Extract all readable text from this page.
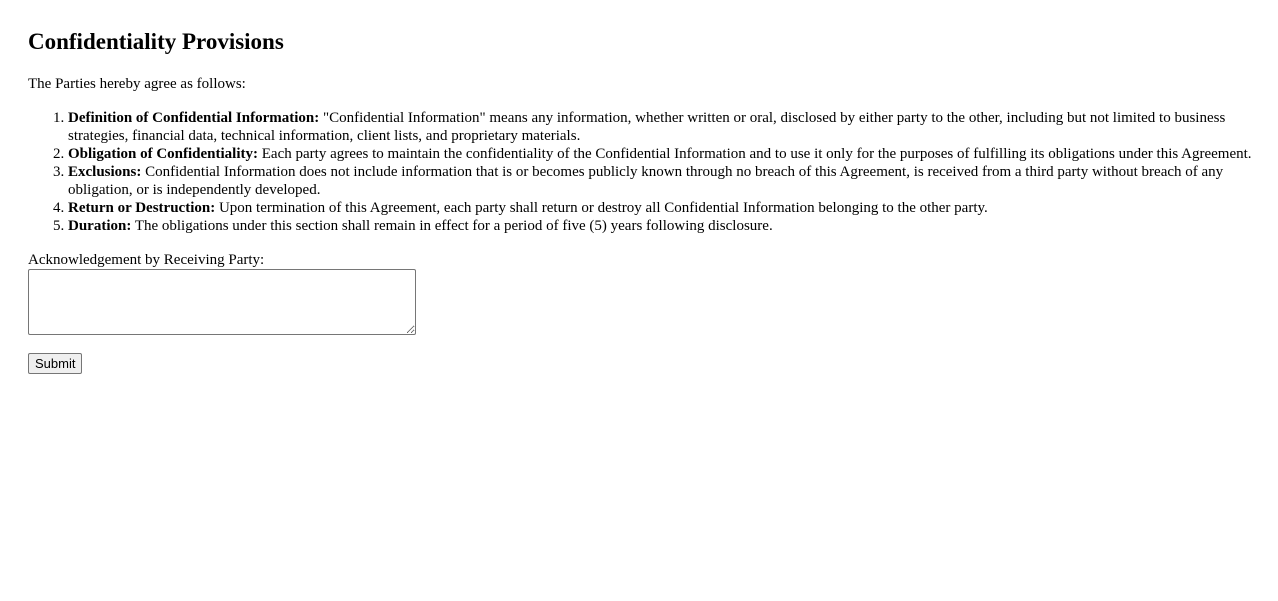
Confidentiality Provisions

The Parties hereby agree as follows:

1. Definition of Confidential Information: "Confidential Information" means any information, whether written or oral, disclosed by either party to the other, including but not limited to business strategies, financial data, technical information, client lists, and proprietary materials.
2. Obligation of Confidentiality: Each party agrees to maintain the confidentiality of the Confidential Information and to use it only for the purposes of fulfilling its obligations under this Agreement.
3. Exclusions: Confidential Information does not include information that is or becomes publicly known through no breach of this Agreement, is received from a third party without breach of any obligation, or is independently developed.
4. Return or Destruction: Upon termination of this Agreement, each party shall return or destroy all Confidential Information belonging to the other party.
5. Duration: The obligations under this section shall remain in effect for a period of five (5) years following disclosure.
Acknowledgement by Receiving Party:
Submit
